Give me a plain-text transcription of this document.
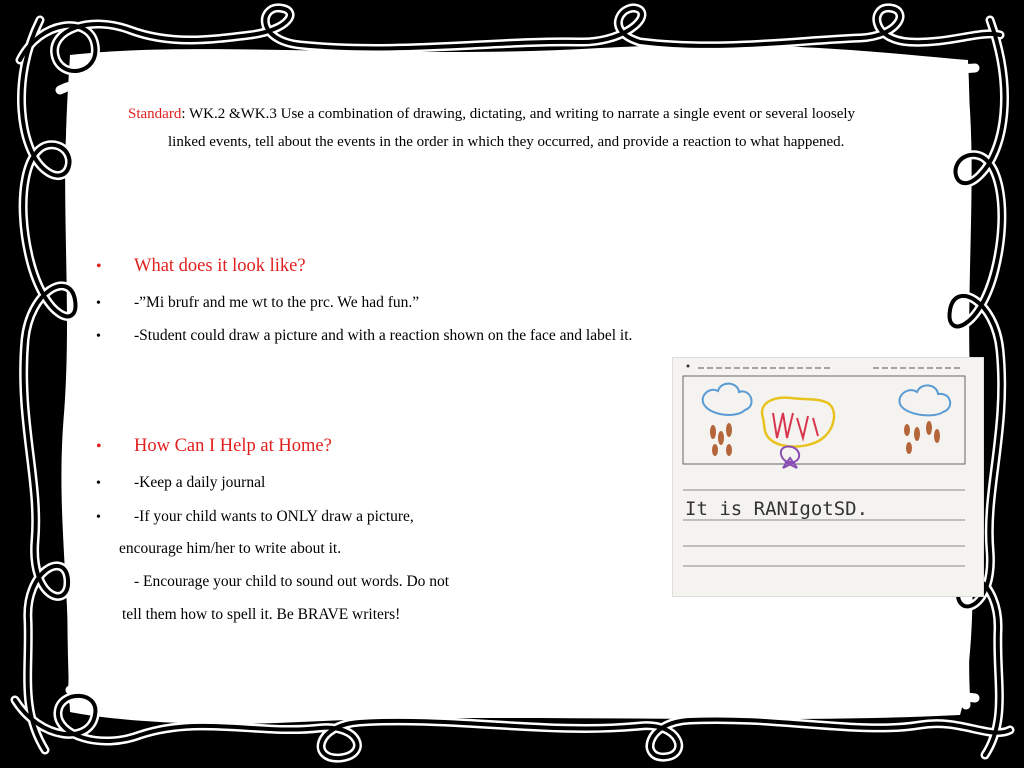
Standard: WK.2 &WK.3 Use a combination of drawing, dictating, and writing to narrate a single event or several loosely
linked events, tell about the events in the order in which they occurred, and provide a reaction to what happened.
•	What does it look like?
•	-”Mi brufr and me wt to the prc. We had fun.”
•	-Student could draw a picture and with a reaction shown on the face and label it.
•	How Can I Help at Home?
•	-Keep a daily journal
•	-If your child wants to ONLY draw a picture,
encourage him/her to write about it.
- Encourage your child to sound out words. Do not
tell them how to spell it. Be BRAVE writers!
It is RANIgotSD.
